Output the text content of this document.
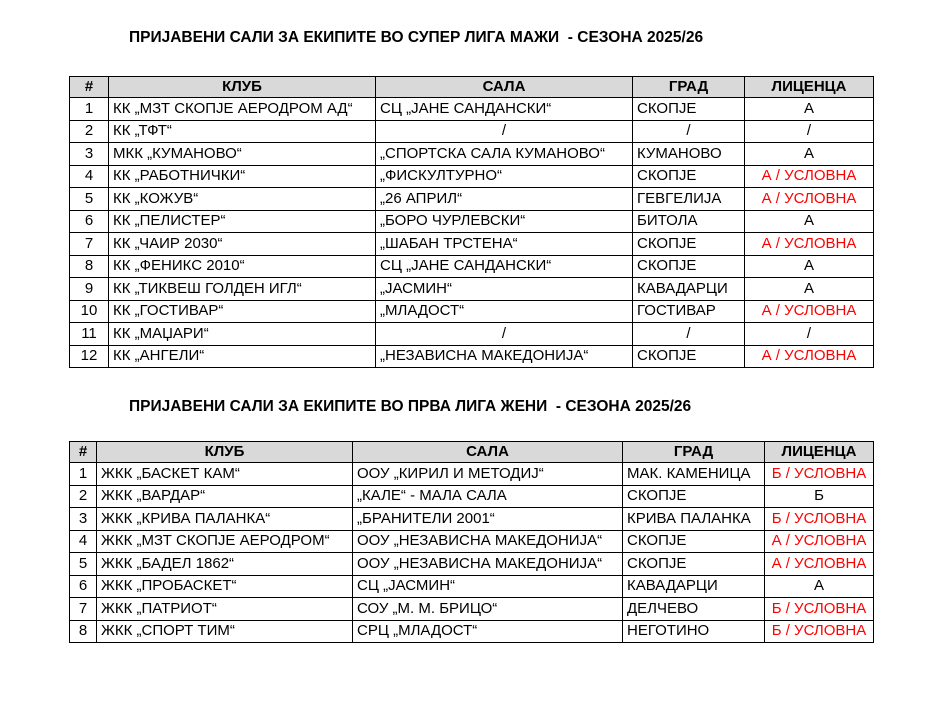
ПРИЈАВЕНИ САЛИ ЗА ЕКИПИТЕ ВО СУПЕР ЛИГА МАЖИ  - СЕЗОНА 2025/26
#	КЛУБ	САЛА	ГРАД	ЛИЦЕНЦА
1	КК „МЗТ СКОПЈЕ АЕРОДРОМ АД“	СЦ „ЈАНЕ САНДАНСКИ“	СКОПЈЕ	А
2	КК „ТФТ“	/	/	/
3	МКК „КУМАНОВО“	„СПОРТСКА САЛА КУМАНОВО“	КУМАНОВО	А
4	КК „РАБОТНИЧКИ“	„ФИСКУЛТУРНО“	СКОПЈЕ	А / УСЛОВНА
5	КК „КОЖУВ“	„26 АПРИЛ“	ГЕВГЕЛИЈА	А / УСЛОВНА
6	КК „ПЕЛИСТЕР“	„БОРО ЧУРЛЕВСКИ“	БИТОЛА	А
7	КК „ЧАИР 2030“	„ШАБАН ТРСТЕНА“	СКОПЈЕ	А / УСЛОВНА
8	КК „ФЕНИКС 2010“	СЦ „ЈАНЕ САНДАНСКИ“	СКОПЈЕ	А
9	КК „ТИКВЕШ ГОЛДЕН ИГЛ“	„ЈАСМИН“	КАВАДАРЦИ	А
10	КК „ГОСТИВАР“	„МЛАДОСТ“	ГОСТИВАР	А / УСЛОВНА
11	КК „МАЏАРИ“	/	/	/
12	КК „АНГЕЛИ“	„НЕЗАВИСНА МАКЕДОНИЈА“	СКОПЈЕ	А / УСЛОВНА
ПРИЈАВЕНИ САЛИ ЗА ЕКИПИТЕ ВО ПРВА ЛИГА ЖЕНИ  - СЕЗОНА 2025/26
#	КЛУБ	САЛА	ГРАД	ЛИЦЕНЦА
1	ЖКК „БАСКЕТ КАМ“	ООУ „КИРИЛ И МЕТОДИЈ“	МАК. КАМЕНИЦА	Б / УСЛОВНА
2	ЖКК „ВАРДАР“	„КАЛЕ“ - МАЛА САЛА	СКОПЈЕ	Б
3	ЖКК „КРИВА ПАЛАНКА“	„БРАНИТЕЛИ 2001“	КРИВА ПАЛАНКА	Б / УСЛОВНА
4	ЖКК „МЗТ СКОПЈЕ АЕРОДРОМ“	ООУ „НЕЗАВИСНА МАКЕДОНИЈА“	СКОПЈЕ	А / УСЛОВНА
5	ЖКК „БАДЕЛ 1862“	ООУ „НЕЗАВИСНА МАКЕДОНИЈА“	СКОПЈЕ	А / УСЛОВНА
6	ЖКК „ПРОБАСКЕТ“	СЦ „ЈАСМИН“	КАВАДАРЦИ	А
7	ЖКК „ПАТРИОТ“	СОУ „М. М. БРИЦО“	ДЕЛЧЕВО	Б / УСЛОВНА
8	ЖКК „СПОРТ ТИМ“	СРЦ „МЛАДОСТ“	НЕГОТИНО	Б / УСЛОВНА
